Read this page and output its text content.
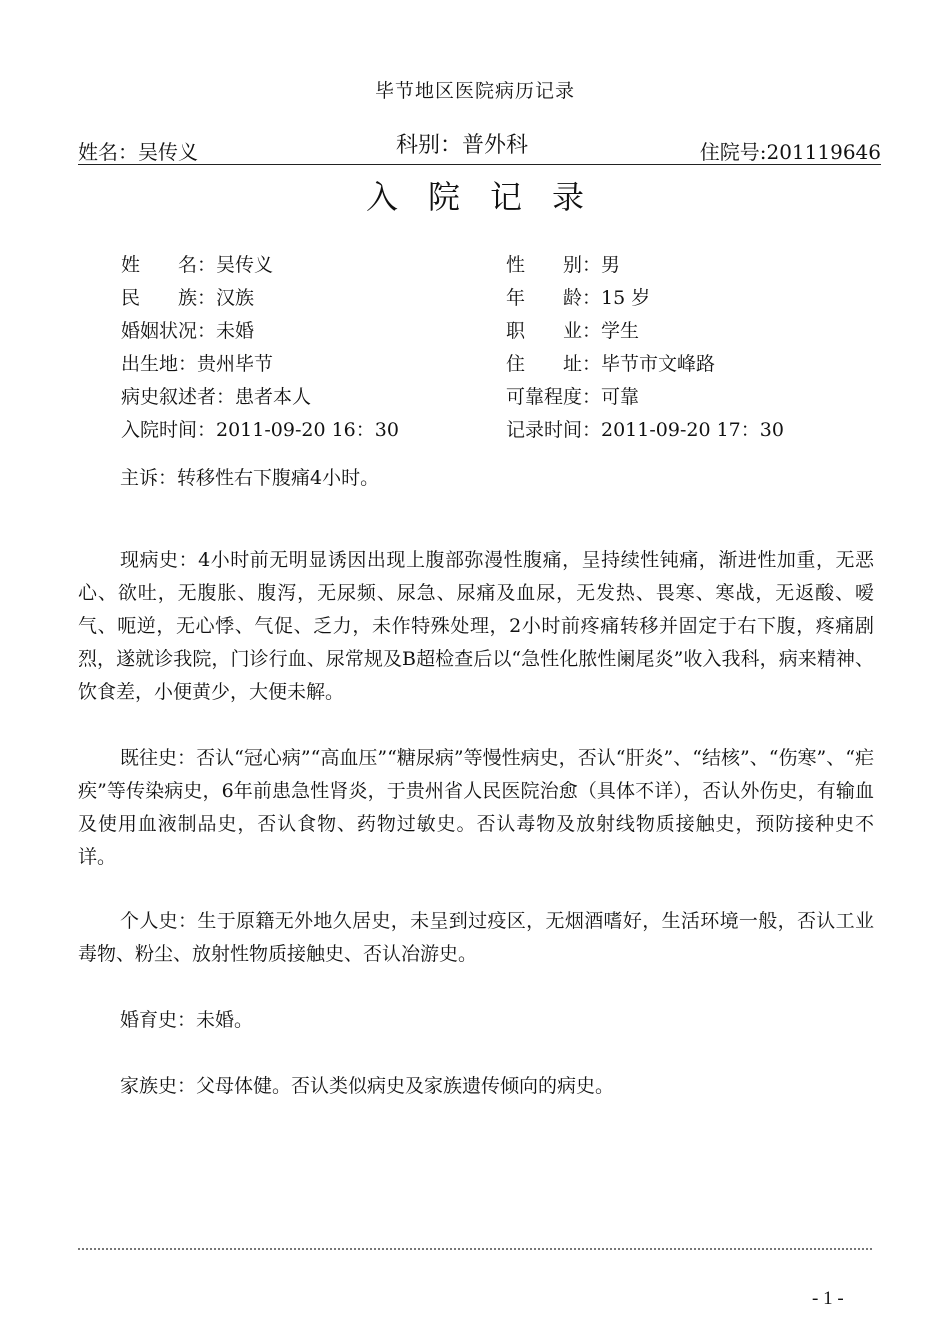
毕节地区医院病历记录
姓名：吴传义	科别：普外科	住院号:201119646
入院记录
姓　　名：吴传义	性　　别：男
民　　族：汉族	年　　龄：15 岁
婚姻状况：未婚	职　　业：学生
出生地：贵州毕节	住　　址：毕节市文峰路
病史叙述者：患者本人	可靠程度：可靠
入院时间：2011-09-20 16：30	记录时间：2011-09-20 17：30

主诉：转移性右下腹痛4小时。

现病史：4小时前无明显诱因出现上腹部弥漫性腹痛，呈持续性钝痛，渐进性加重，无恶心、欲吐，无腹胀、腹泻，无尿频、尿急、尿痛及血尿，无发热、畏寒、寒战，无返酸、嗳气、呃逆，无心悸、气促、乏力，未作特殊处理，2小时前疼痛转移并固定于右下腹，疼痛剧烈，遂就诊我院，门诊行血、尿常规及B超检查后以“急性化脓性阑尾炎”收入我科，病来精神、饮食差，小便黄少，大便未解。

既往史：否认“冠心病”“高血压”“糖尿病”等慢性病史，否认“肝炎”、“结核”、“伤寒”、“疟疾”等传染病史，6年前患急性肾炎，于贵州省人民医院治愈（具体不详），否认外伤史，有输血及使用血液制品史，否认食物、药物过敏史。否认毒物及放射线物质接触史，预防接种史不详。

个人史：生于原籍无外地久居史，未呈到过疫区，无烟酒嗜好，生活环境一般，否认工业毒物、粉尘、放射性物质接触史、否认冶游史。

婚育史：未婚。

家族史：父母体健。否认类似病史及家族遗传倾向的病史。

- 1 -
